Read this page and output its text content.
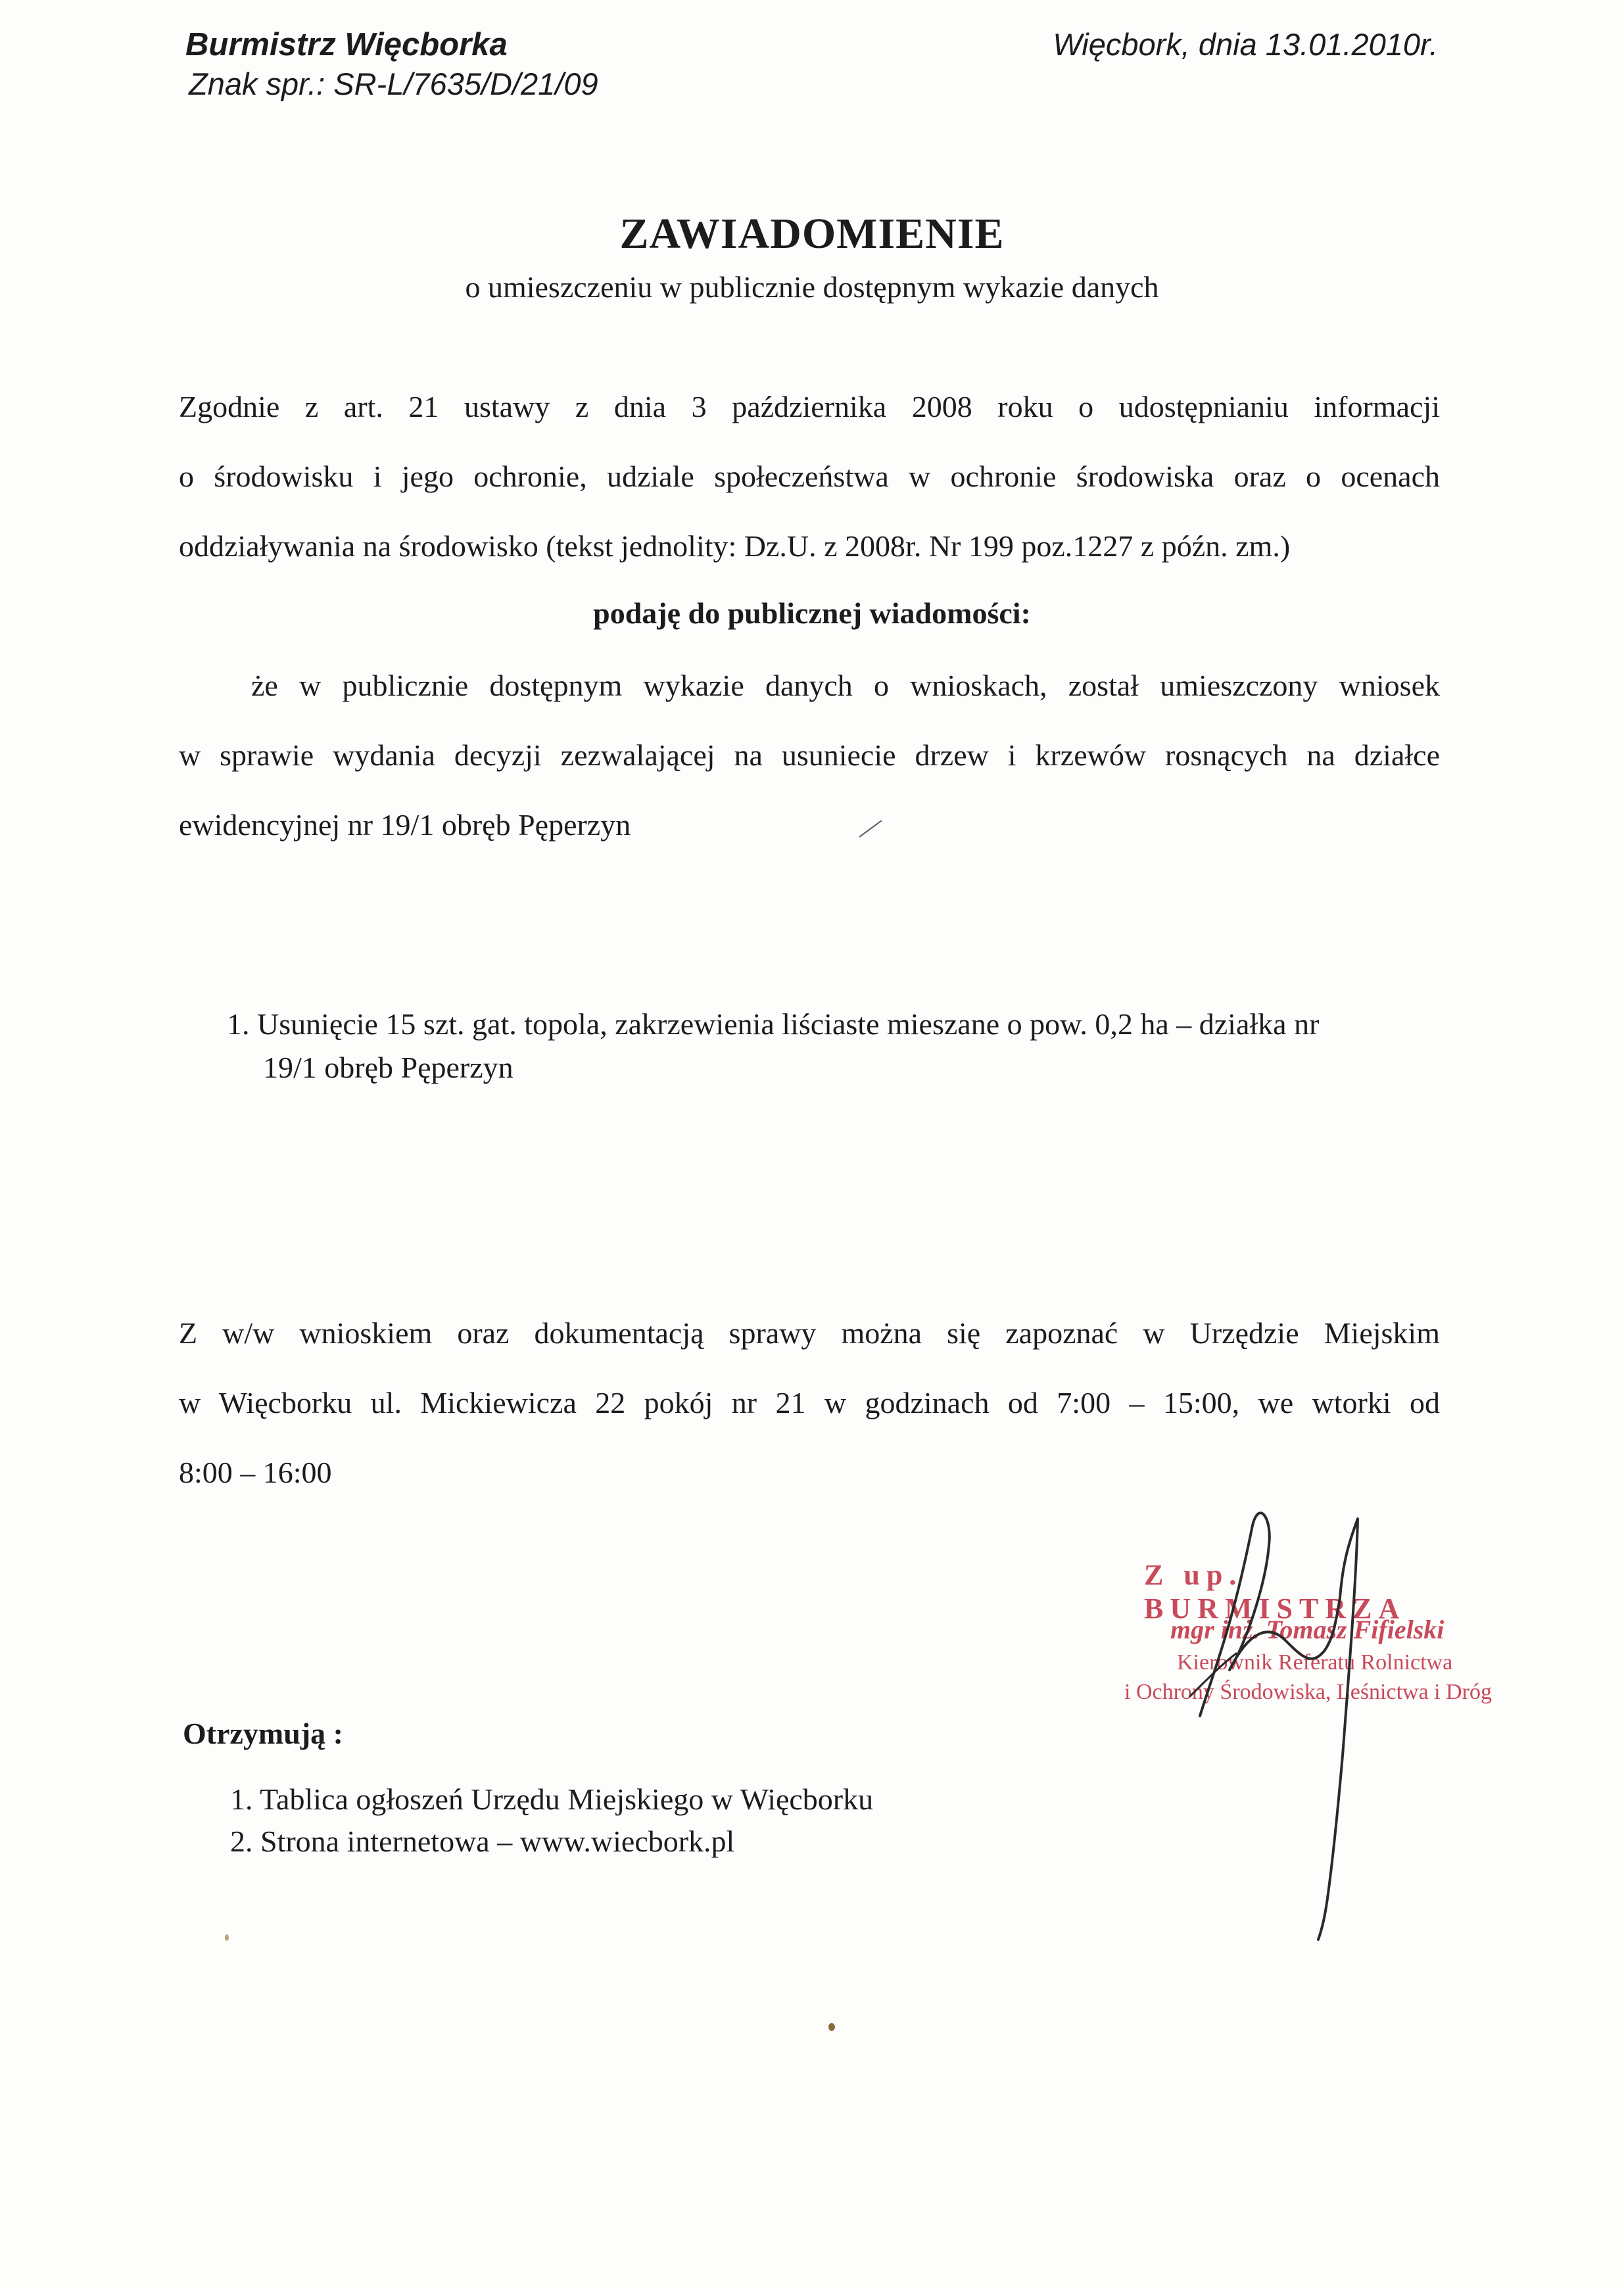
Burmistrz Więcborka
Znak spr.: SR-L/7635/D/21/09
Więcbork, dnia 13.01.2010r.
ZAWIADOMIENIE
o umieszczeniu w publicznie dostępnym wykazie danych
Zgodnie z art. 21 ustawy z dnia 3 października 2008 roku o udostępnianiu informacji
o środowisku i jego ochronie, udziale społeczeństwa w ochronie środowiska oraz o ocenach
oddziaływania na środowisko (tekst jednolity: Dz.U. z 2008r. Nr 199 poz.1227 z późn. zm.)
podaję do publicznej wiadomości:
że w publicznie dostępnym wykazie danych o wnioskach, został umieszczony wniosek
w sprawie wydania decyzji zezwalającej na usuniecie drzew i krzewów rosnących na działce
ewidencyjnej nr 19/1 obręb Pęperzyn
1. Usunięcie 15 szt. gat. topola, zakrzewienia liściaste mieszane o pow. 0,2 ha – działka nr
19/1 obręb Pęperzyn
Z w/w wnioskiem oraz dokumentacją sprawy można się zapoznać w Urzędzie Miejskim
w Więcborku ul. Mickiewicza 22 pokój nr 21 w godzinach od 7:00 – 15:00, we wtorki od
8:00 – 16:00
Z up. BURMISTRZA
mgr inż. Tomasz Fifielski
Kierownik Referatu Rolnictwa
i Ochrony Środowiska, Leśnictwa i Dróg
Otrzymują :
1. Tablica ogłoszeń Urzędu Miejskiego w Więcborku
2. Strona internetowa – www.wiecbork.pl
